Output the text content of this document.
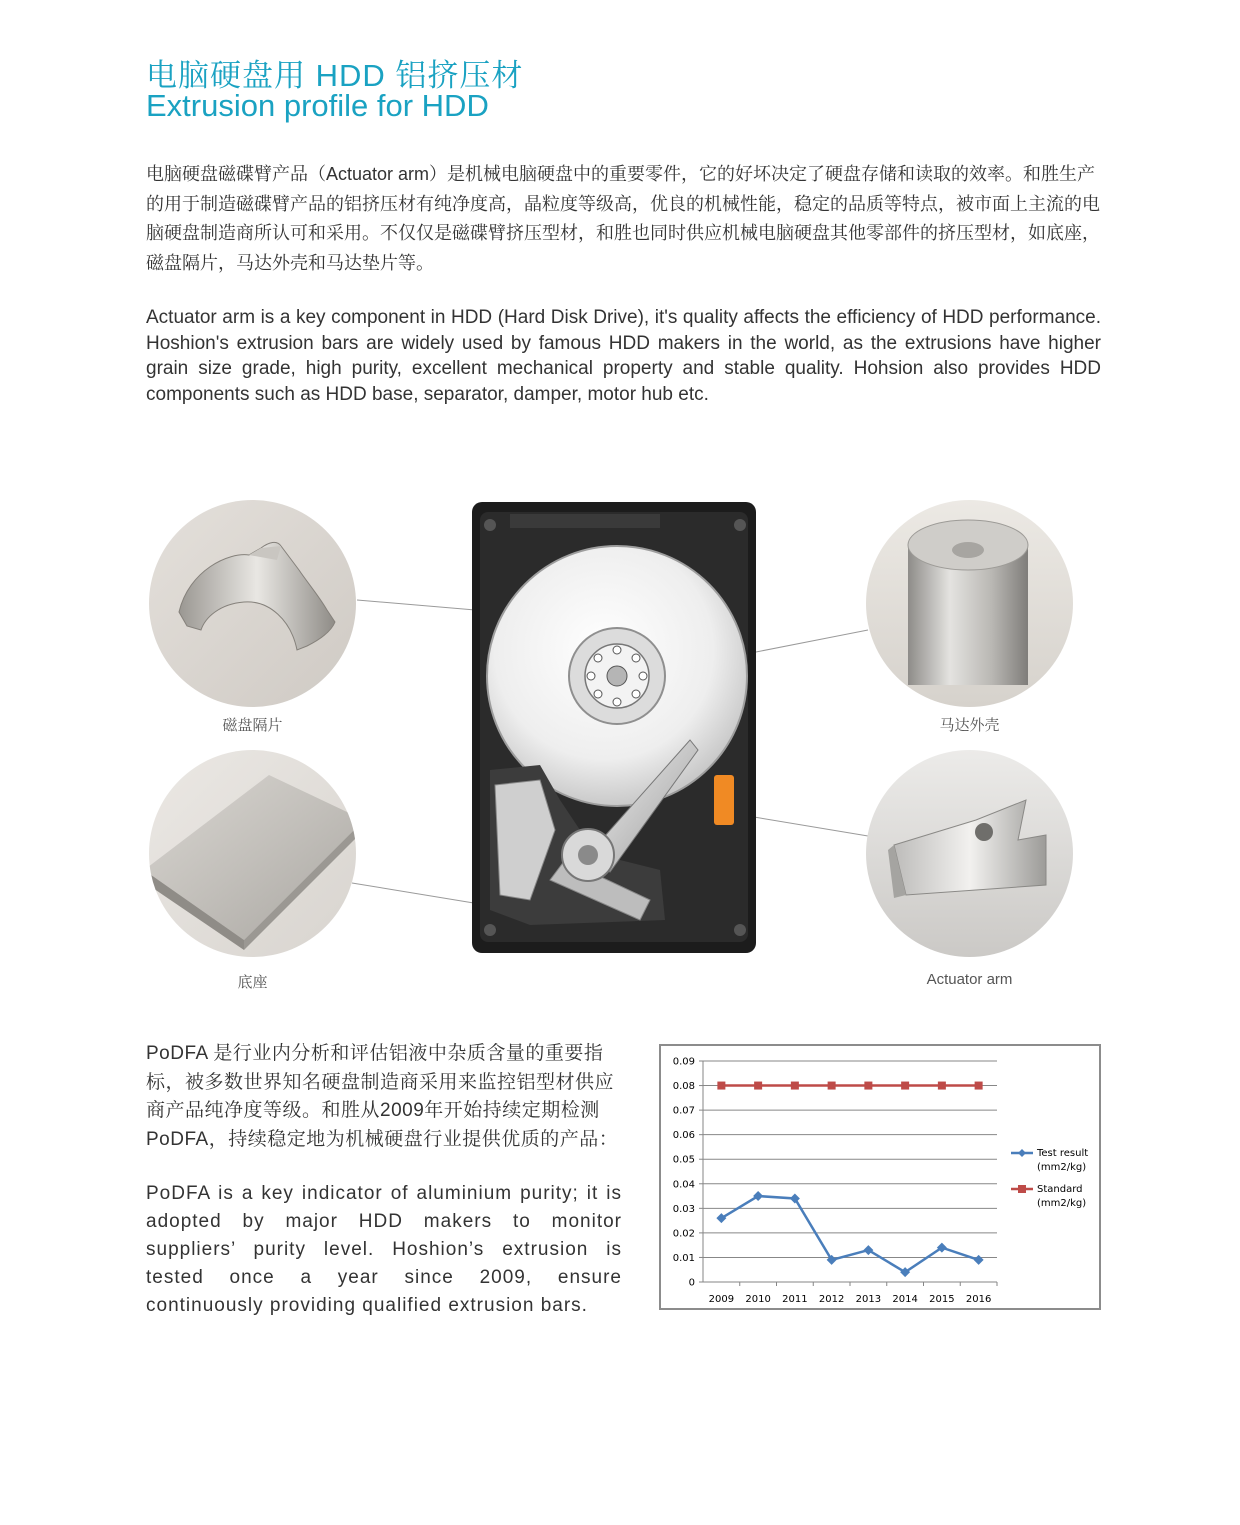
电脑硬盘用 HDD 铝挤压材
Extrusion profile for HDD

电脑硬盘磁碟臂产品（Actuator arm）是机械电脑硬盘中的重要零件，它的好坏决定了硬盘存储和读取的效率。和胜生产的用于制造磁碟臂产品的铝挤压材有纯净度高，晶粒度等级高，优良的机械性能，稳定的品质等特点，被市面上主流的电脑硬盘制造商所认可和采用。不仅仅是磁碟臂挤压型材，和胜也同时供应机械电脑硬盘其他零部件的挤压型材，如底座，磁盘隔片，马达外壳和马达垫片等。

Actuator arm is a key component in HDD (Hard Disk Drive), it's quality affects the efficiency of HDD performance. Hoshion's extrusion bars are widely used by famous HDD makers in the world, as the extrusions have higher grain size grade, high purity, excellent mechanical property and stable quality. Hohsion also provides HDD components such as HDD base, separator, damper, motor hub etc.

磁盘隔片
底座
马达外壳
Actuator arm

PoDFA 是行业内分析和评估铝液中杂质含量的重要指标，被多数世界知名硬盘制造商采用来监控铝型材供应商产品纯净度等级。和胜从2009年开始持续定期检测PoDFA，持续稳定地为机械硬盘行业提供优质的产品：

PoDFA is a key indicator of aluminium purity; it is adopted by major HDD makers to monitor suppliers’ purity level. Hoshion’s extrusion is tested once a year since 2009, ensure continuously providing qualified extrusion bars.

0
0.01
0.02
0.03
0.04
0.05
0.06
0.07
0.08
0.09
2009 2010 2011 2012 2013 2014 2015 2016
Test result
(mm2/kg)
Standard
(mm2/kg)
